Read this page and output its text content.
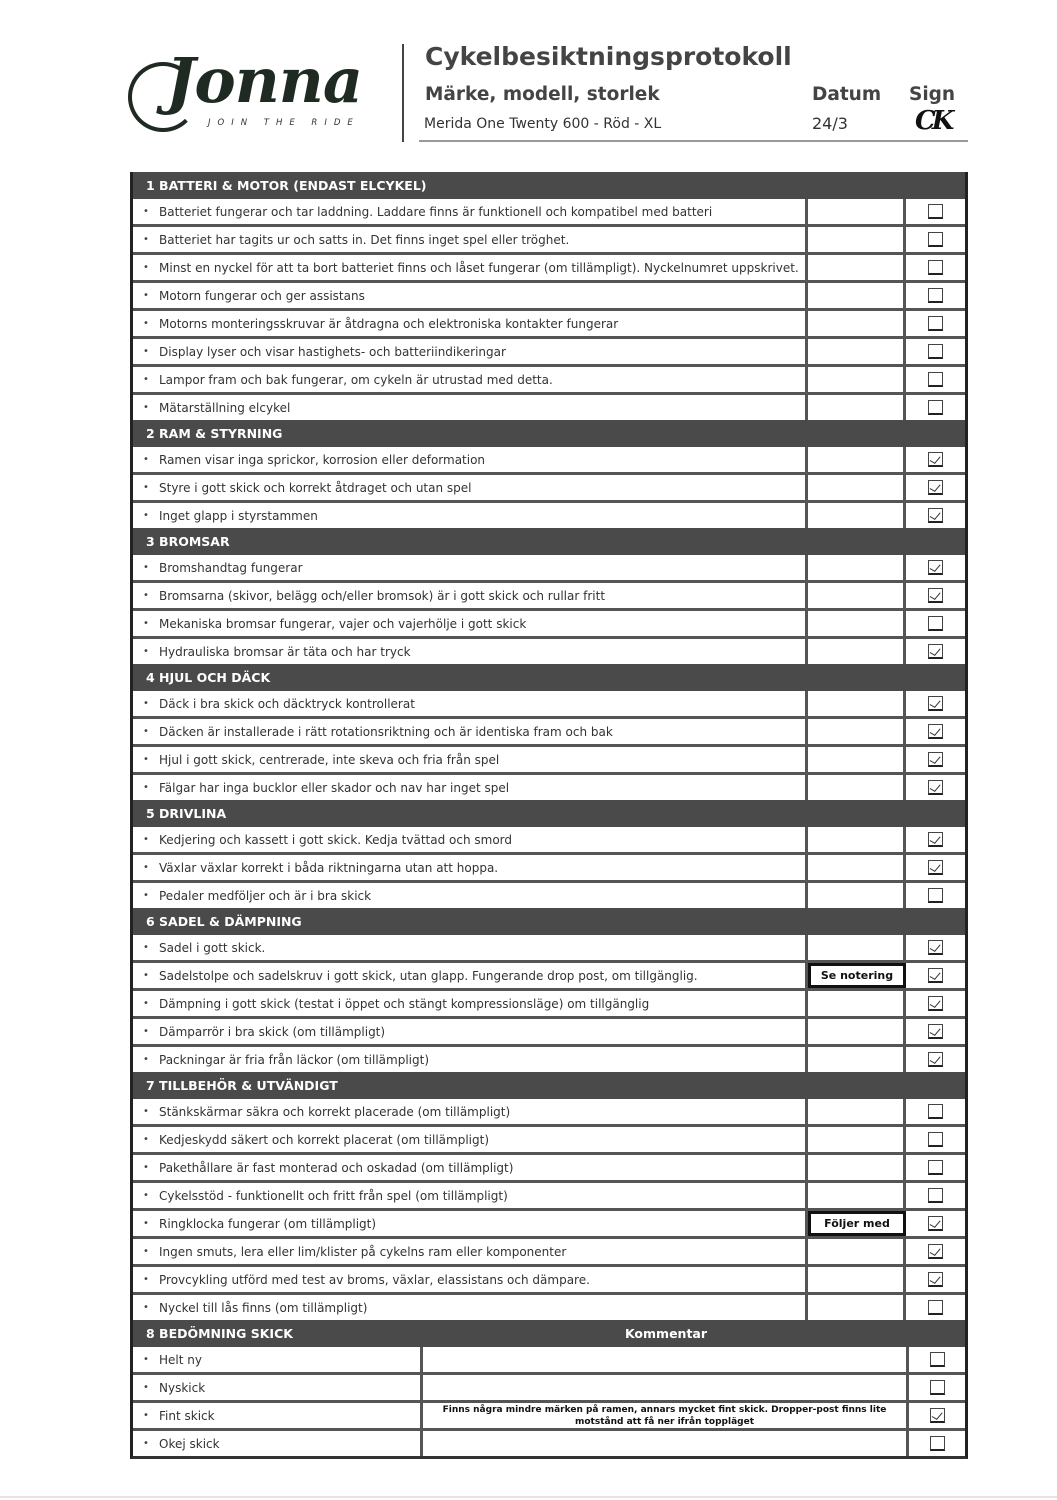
Jonna
JOIN THE RIDE
Cykelbesiktningsprotokoll
Märke, modell, storlek	Datum Sign
Merida One Twenty 600 - Röd - XL	24/3	CK
1 BATTERI & MOTOR (ENDAST ELCYKEL)
• Batteriet fungerar och tar laddning. Laddare finns är funktionell och kompatibel med batteri
• Batteriet har tagits ur och satts in. Det finns inget spel eller tröghet.
• Minst en nyckel för att ta bort batteriet finns och låset fungerar (om tillämpligt). Nyckelnumret uppskrivet.
• Motorn fungerar och ger assistans
• Motorns monteringsskruvar är åtdragna och elektroniska kontakter fungerar
• Display lyser och visar hastighets- och batteriindikeringar
• Lampor fram och bak fungerar, om cykeln är utrustad med detta.
• Mätarställning elcykel
2 RAM & STYRNING
• Ramen visar inga sprickor, korrosion eller deformation
• Styre i gott skick och korrekt åtdraget och utan spel
• Inget glapp i styrstammen
3 BROMSAR
• Bromshandtag fungerar
• Bromsarna (skivor, belägg och/eller bromsok) är i gott skick och rullar fritt
• Mekaniska bromsar fungerar, vajer och vajerhölje i gott skick
• Hydrauliska bromsar är täta och har tryck
4 HJUL OCH DÄCK
• Däck i bra skick och däcktryck kontrollerat
• Däcken är installerade i rätt rotationsriktning och är identiska fram och bak
• Hjul i gott skick, centrerade, inte skeva och fria från spel
• Fälgar har inga bucklor eller skador och nav har inget spel
5 DRIVLINA
• Kedjering och kassett i gott skick. Kedja tvättad och smord
• Växlar växlar korrekt i båda riktningarna utan att hoppa.
• Pedaler medföljer och är i bra skick
6 SADEL & DÄMPNING
• Sadel i gott skick.
• Sadelstolpe och sadelskruv i gott skick, utan glapp. Fungerande drop post, om tillgänglig.	Se notering
• Dämpning i gott skick (testat i öppet och stängt kompressionsläge) om tillgänglig
• Dämparrör i bra skick (om tillämpligt)
• Packningar är fria från läckor (om tillämpligt)
7 TILLBEHÖR & UTVÄNDIGT
• Stänkskärmar säkra och korrekt placerade (om tillämpligt)
• Kedjeskydd säkert och korrekt placerat (om tillämpligt)
• Pakethållare är fast monterad och oskadad (om tillämpligt)
• Cykelsstöd - funktionellt och fritt från spel (om tillämpligt)
• Ringklocka fungerar (om tillämpligt)	Följer med
• Ingen smuts, lera eller lim/klister på cykelns ram eller komponenter
• Provcykling utförd med test av broms, växlar, elassistans och dämpare.
• Nyckel till lås finns (om tillämpligt)
8 BEDÖMNING SKICK	Kommentar
• Helt ny
• Nyskick
• Fint skick	Finns några mindre märken på ramen, annars mycket fint skick. Dropper-post finns lite motstånd att få ner ifrån toppläget
• Okej skick
